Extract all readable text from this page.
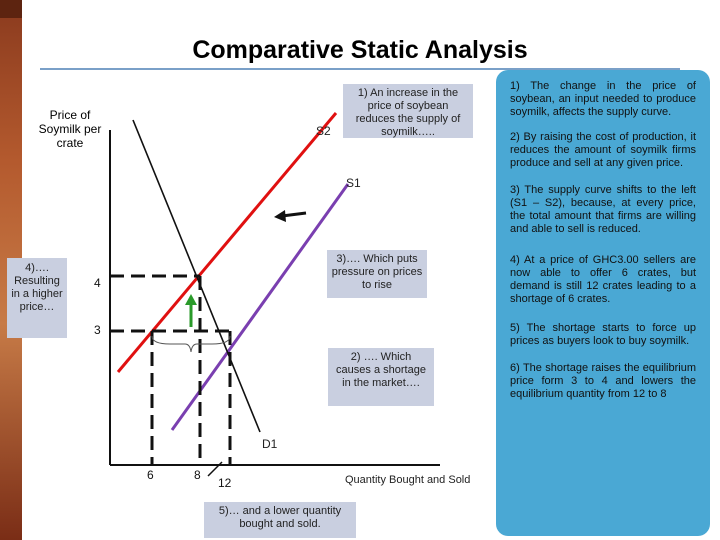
Comparative Static Analysis
Price of Soymilk per crate
S2
S1
D1
4
3
6	8
12	Quantity Bought and Sold
1) An increase in the price of soybean reduces the supply of soymilk…..
3)…. Which puts pressure on prices to rise
2) …. Which causes a shortage in the market….
4)…. Resulting in a higher price…
5)… and a lower quantity bought and sold.

1) The change in the price of soybean, an input needed to produce soymilk, affects the supply curve.

2) By raising the cost of production, it reduces the amount of soymilk firms produce and sell at any given price.

3) The supply curve shifts to the left (S1 – S2), because, at every price, the total amount that firms are willing and able to sell is reduced.

4) At a price of GHC3.00 sellers are now able to offer 6 crates, but demand is still 12 crates leading to a shortage of 6 crates.

5) The shortage starts to force up prices as buyers look to buy soymilk.

6) The shortage raises the equilibrium price form 3 to 4 and lowers the equilibrium quantity from 12 to 8
